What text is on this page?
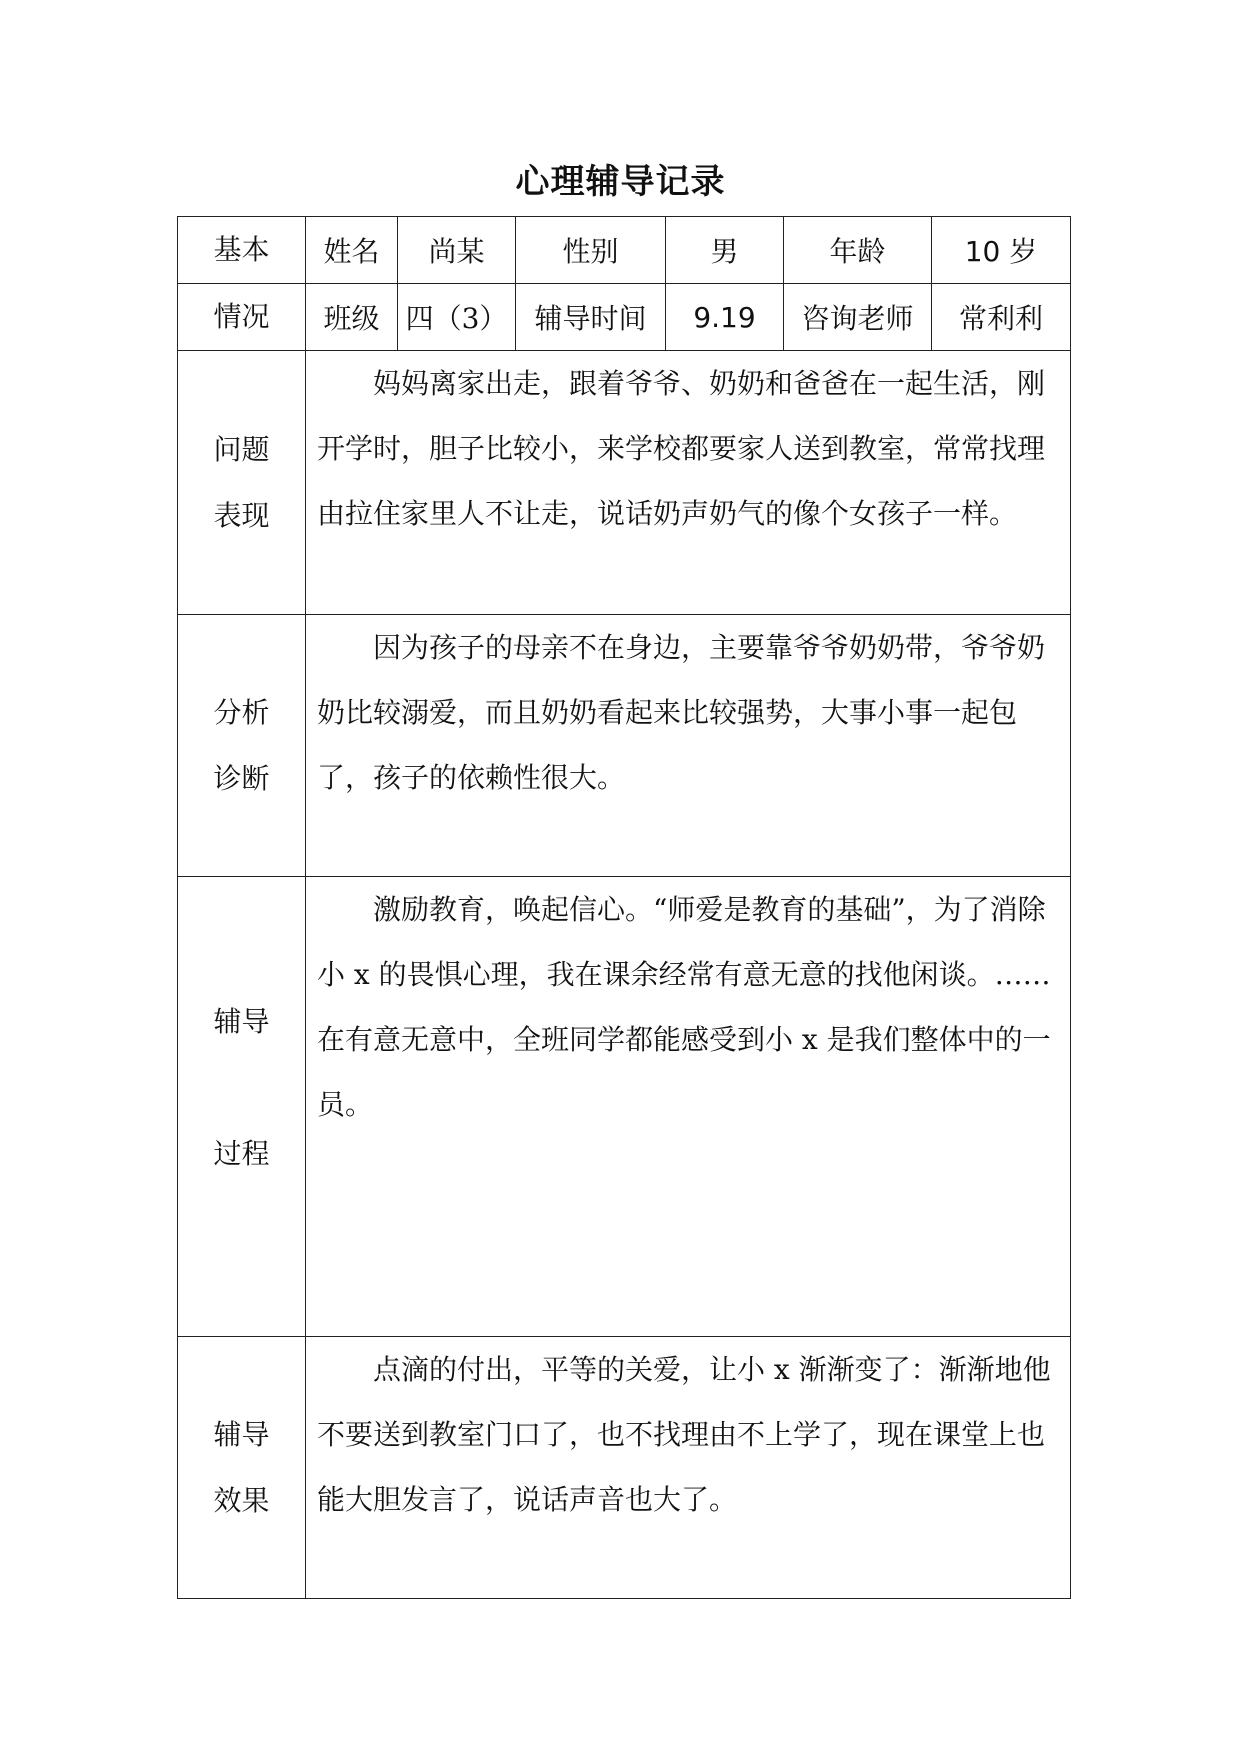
心理辅导记录
基本	姓名	尚某	性别	男	年龄	10 岁
情况	班级	四（3）	辅导时间	9.19	咨询老师	常利利

问题
表现	妈妈离家出走，跟着爷爷、奶奶和爸爸在一起生活，刚开学时，胆子比较小，来学校都要家人送到教室，常常找理由拉住家里人不让走，说话奶声奶气的像个女孩子一样。					

分析
诊断	因为孩子的母亲不在身边，主要靠爷爷奶奶带，爷爷奶奶比较溺爱，而且奶奶看起来比较强势，大事小事一起包了，孩子的依赖性很大。					

辅导
过程	激励教育，唤起信心。“师爱是教育的基础”，为了消除小 x 的畏惧心理，我在课余经常有意无意的找他闲谈。……在有意无意中，全班同学都能感受到小 x 是我们整体中的一员。					

辅导
效果	点滴的付出，平等的关爱，让小 x 渐渐变了：渐渐地他不要送到教室门口了，也不找理由不上学了，现在课堂上也能大胆发言了，说话声音也大了。					
